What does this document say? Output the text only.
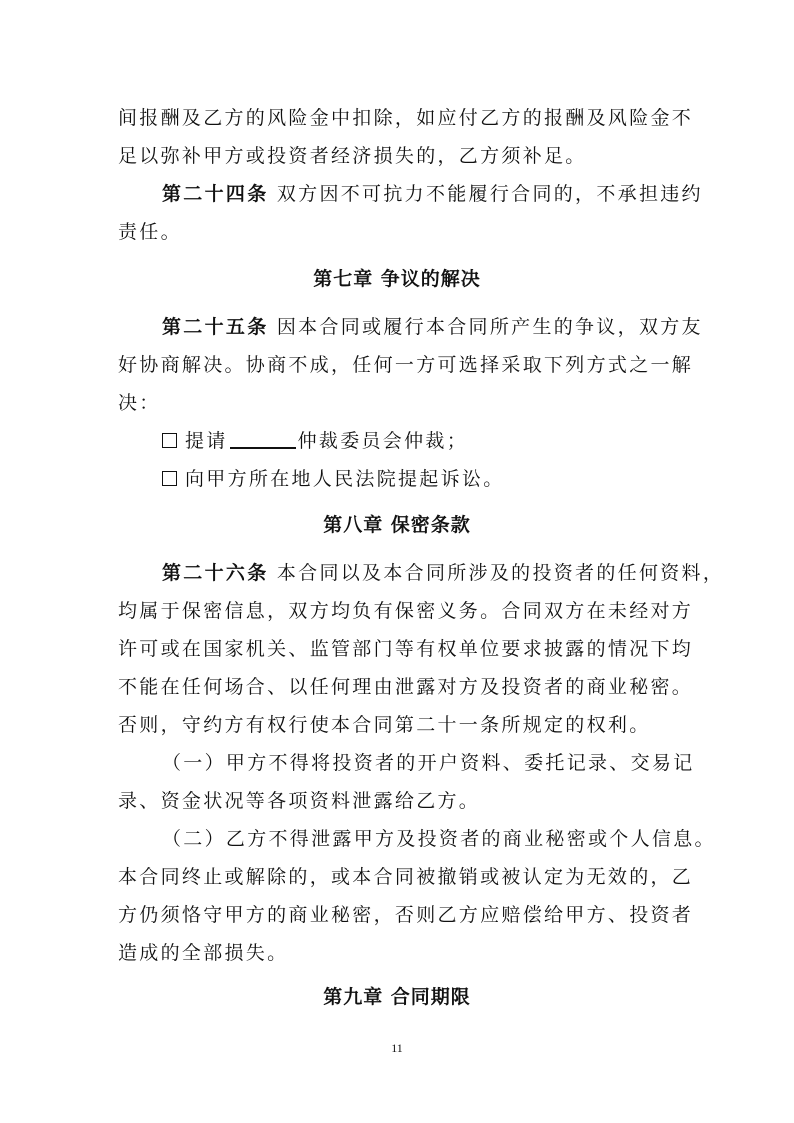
间报酬及乙方的风险金中扣除，如应付乙方的报酬及风险金不
足以弥补甲方或投资者经济损失的，乙方须补足。
第二十四条 双方因不可抗力不能履行合同的，不承担违约
责任。
第七章 争议的解决
第二十五条 因本合同或履行本合同所产生的争议，双方友
好协商解决。协商不成，任何一方可选择采取下列方式之一解
决：
提请	仲裁委员会仲裁；
向甲方所在地人民法院提起诉讼。
第八章 保密条款
第二十六条 本合同以及本合同所涉及的投资者的任何资料，
均属于保密信息，双方均负有保密义务。合同双方在未经对方
许可或在国家机关、监管部门等有权单位要求披露的情况下均
不能在任何场合、以任何理由泄露对方及投资者的商业秘密。
否则，守约方有权行使本合同第二十一条所规定的权利。
（一）甲方不得将投资者的开户资料、委托记录、交易记
录、资金状况等各项资料泄露给乙方。
（二）乙方不得泄露甲方及投资者的商业秘密或个人信息。
本合同终止或解除的，或本合同被撤销或被认定为无效的，乙
方仍须恪守甲方的商业秘密，否则乙方应赔偿给甲方、投资者
造成的全部损失。
第九章 合同期限
11
